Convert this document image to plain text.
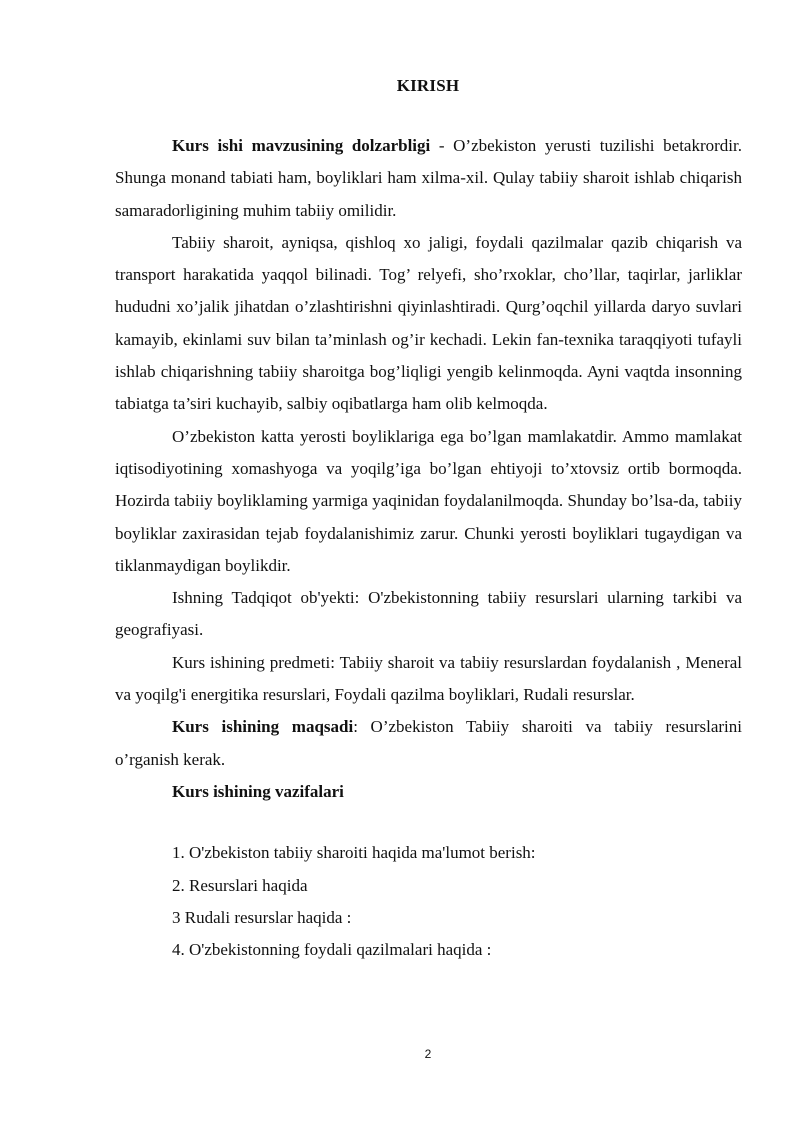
KIRISH

Kurs ishi mavzusining dolzarbligi - O’zbekiston yerusti tuzilishi betakrordir. Shunga monand tabiati ham, boyliklari ham xilma-xil. Qulay tabiiy sharoit ishlab chiqarish samaradorligining muhim tabiiy omilidir.

Tabiiy sharoit, ayniqsa, qishloq xo jaligi, foydali qazilmalar qazib chiqarish va transport harakatida yaqqol bilinadi. Tog’ relyefi, sho’rxoklar, cho’llar, taqirlar, jarliklar hududni xo’jalik jihatdan o’zlashtirishni qiyinlashtiradi. Qurg’oqchil yillarda daryo suvlari kamayib, ekinlami suv bilan ta’minlash og’ir kechadi. Lekin fan-texnika taraqqiyoti tufayli ishlab chiqarishning tabiiy sharoitga bog’liqligi yengib kelinmoqda. Ayni vaqtda insonning tabiatga ta’siri kuchayib, salbiy oqibatlarga ham olib kelmoqda.

O’zbekiston katta yerosti boyliklariga ega bo’lgan mamlakatdir. Ammo mamlakat iqtisodiyotining xomashyoga va yoqilg’iga bo’lgan ehtiyoji to’xtovsiz ortib bormoqda. Hozirda tabiiy boyliklaming yarmiga yaqinidan foydalanilmoqda. Shunday bo’lsa-da, tabiiy boyliklar zaxirasidan tejab foydalanishimiz zarur. Chunki yerosti boyliklari tugaydigan va tiklanmaydigan boylikdir.

Ishning Tadqiqot ob'yekti: O'zbekistonning tabiiy resurslari ularning tarkibi va geografiyasi.

Kurs ishining predmeti: Tabiiy sharoit va tabiiy resurslardan foydalanish , Meneral va yoqilg'i energitika resurslari, Foydali qazilma boyliklari, Rudali resurslar.

Kurs ishining maqsadi: O’zbekiston Tabiiy sharoiti va tabiiy resurslarini o’rganish kerak.

Kurs ishining vazifalari

1. O'zbekiston tabiiy sharoiti haqida ma'lumot berish:

2. Resurslari haqida

3 Rudali resurslar haqida :

4. O'zbekistonning foydali qazilmalari haqida :

2
